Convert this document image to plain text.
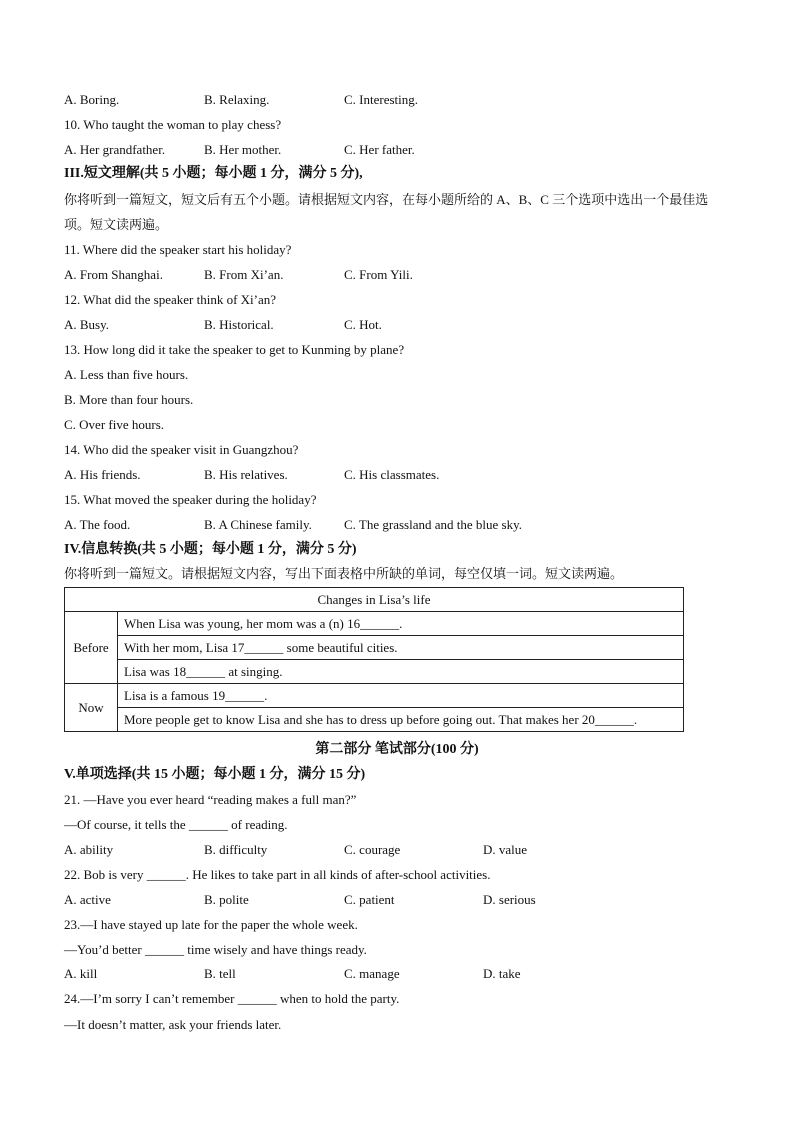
A. Boring.	B. Relaxing.	C. Interesting.
10. Who taught the woman to play chess?
A. Her grandfather.	B. Her mother.	C. Her father.
III.短文理解(共 5 小题；每小题 1 分，满分 5 分),
你将听到一篇短文，短文后有五个小题。请根据短文内容，在每小题所给的 A、B、C 三个选项中选出一个最佳选项。短文读两遍。
11. Where did the speaker start his holiday?
A. From Shanghai.	B. From Xi’an.	C. From Yili.
12. What did the speaker think of Xi’an?
A. Busy.	B. Historical.	C. Hot.
13. How long did it take the speaker to get to Kunming by plane?
A. Less than five hours.
B. More than four hours.
C. Over five hours.
14. Who did the speaker visit in Guangzhou?
A. His friends.	B. His relatives.	C. His classmates.
15. What moved the speaker during the holiday?
A. The food.	B. A Chinese family. C. The grassland and the blue sky.
IV.信息转换(共 5 小题；每小题 1 分，满分 5 分)
你将听到一篇短文。请根据短文内容，写出下面表格中所缺的单词，每空仅填一词。短文读两遍。
Changes in Lisa’s life	
Before	When Lisa was young, her mom was a (n) 16______.
	With her mom, Lisa 17______ some beautiful cities.
	Lisa was 18______ at singing.
Now	Lisa is a famous 19______.
	More people get to know Lisa and she has to dress up before going out. That makes her 20______.
第二部分 笔试部分(100 分)
V.单项选择(共 15 小题；每小题 1 分，满分 15 分)
21. —Have you ever heard “reading makes a full man?”
—Of course, it tells the ______ of reading.
A. ability	B. difficulty	C. courage	D. value
22. Bob is very ______. He likes to take part in all kinds of after-school activities.
A. active	B. polite	C. patient	D. serious
23.—I have stayed up late for the paper the whole week.
—You’d better ______ time wisely and have things ready.
A. kill	B. tell	C. manage	D. take
24.—I’m sorry I can’t remember ______ when to hold the party.
—It doesn’t matter, ask your friends later.
